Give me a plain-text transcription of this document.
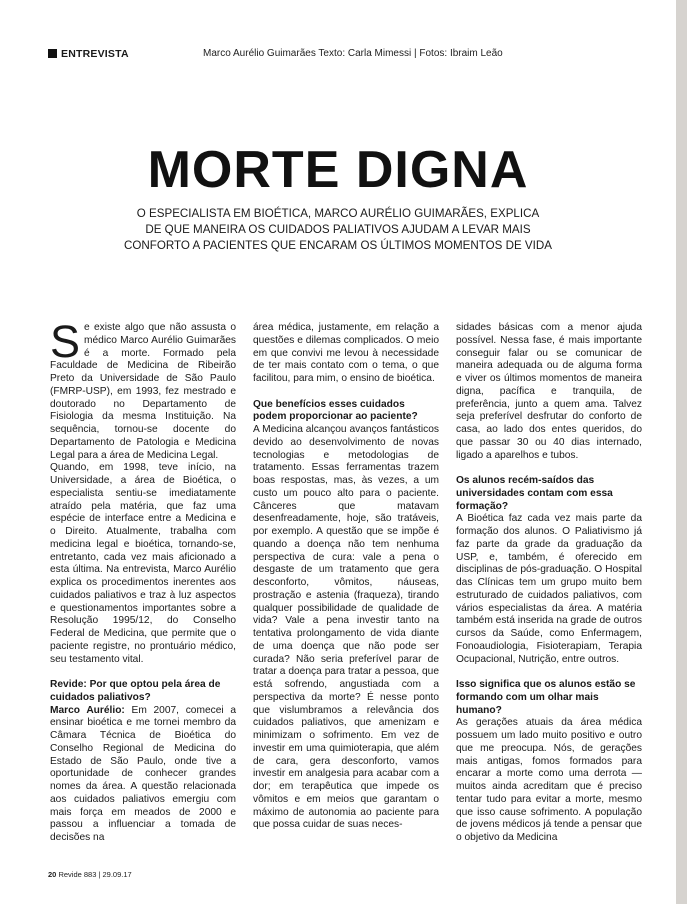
ENTREVISTA	Marco Aurélio Guimarães Texto: Carla Mimessi | Fotos: Ibraim Leão
MORTE DIGNA
O ESPECIALISTA EM BIOÉTICA, MARCO AURÉLIO GUIMARÃES, EXPLICA
DE QUE MANEIRA OS CUIDADOS PALIATIVOS AJUDAM A LEVAR MAIS
CONFORTO A PACIENTES QUE ENCARAM OS ÚLTIMOS MOMENTOS DE VIDA

Se existe algo que não assusta o médico Marco Aurélio Guimarães é a morte. Formado pela Faculdade de Medicina de Ribeirão Preto da Universidade de São Paulo (FMRP-USP), em 1993, fez mestrado e doutorado no Departamento de Fisiologia da mesma Instituição. Na sequência, tornou-se docente do Departamento de Patologia e Medicina Legal para a área de Medicina Legal.

Quando, em 1998, teve início, na Universidade, a área de Bioética, o especialista sentiu-se imediatamente atraído pela matéria, que faz uma espécie de interface entre a Medicina e o Direito. Atualmente, trabalha com medicina legal e bioética, tornando-se, entretanto, cada vez mais aficionado a esta última. Na entrevista, Marco Aurélio explica os procedimentos inerentes aos cuidados paliativos e traz à luz aspectos e questionamentos importantes sobre a Resolução 1995/12, do Conselho Federal de Medicina, que permite que o paciente registre, no prontuário médico, seu testamento vital.

Revide: Por que optou pela área de cuidados paliativos?

Marco Aurélio: Em 2007, comecei a ensinar bioética e me tornei membro da Câmara Técnica de Bioética do Conselho Regional de Medicina do Estado de São Paulo, onde tive a oportunidade de conhecer grandes nomes da área. A questão relacionada aos cuidados paliativos emergiu com mais força em meados de 2000 e passou a influenciar a tomada de decisões na

área médica, justamente, em relação a questões e dilemas complicados. O meio em que convivi me levou à necessidade de ter mais contato com o tema, o que facilitou, para mim, o ensino de bioética.

Que benefícios esses cuidados podem proporcionar ao paciente?

A Medicina alcançou avanços fantásticos devido ao desenvolvimento de novas tecnologias e metodologias de tratamento. Essas ferramentas trazem boas respostas, mas, às vezes, a um custo um pouco alto para o paciente. Cânceres que matavam desenfreadamente, hoje, são tratáveis, por exemplo. A questão que se impõe é quando a doença não tem nenhuma perspectiva de cura: vale a pena o desgaste de um tratamento que gera desconforto, vômitos, náuseas, prostração e astenia (fraqueza), tirando qualquer possibilidade de qualidade de vida? Vale a pena investir tanto na tentativa prolongamento de vida diante de uma doença que não pode ser curada? Não seria preferível parar de tratar a doença para tratar a pessoa, que está sofrendo, angustiada com a perspectiva da morte? É nesse ponto que vislumbramos a relevância dos cuidados paliativos, que amenizam e minimizam o sofrimento. Em vez de investir em uma quimioterapia, que além de cara, gera desconforto, vamos investir em analgesia para acabar com a dor; em terapêutica que impede os vômitos e em meios que garantam o máximo de autonomia ao paciente para que possa cuidar de suas neces-

sidades básicas com a menor ajuda possível. Nessa fase, é mais importante conseguir falar ou se comunicar de maneira adequada ou de alguma forma e viver os últimos momentos de maneira digna, pacífica e tranquila, de preferência, junto a quem ama. Talvez seja preferível desfrutar do conforto de casa, ao lado dos entes queridos, do que passar 30 ou 40 dias internado, ligado a aparelhos e tubos.

Os alunos recém-saídos das universidades contam com essa formação?

A Bioética faz cada vez mais parte da formação dos alunos. O Paliativismo já faz parte da grade da graduação da USP, e, também, é oferecido em disciplinas de pós-graduação. O Hospital das Clínicas tem um grupo muito bem estruturado de cuidados paliativos, com vários especialistas da área. A matéria também está inserida na grade de outros cursos da Saúde, como Enfermagem, Fonoaudiologia, Fisioterapiam, Terapia Ocupacional, Nutrição, entre outros.

Isso significa que os alunos estão se formando com um olhar mais humano?

As gerações atuais da área médica possuem um lado muito positivo e outro que me preocupa. Nós, de gerações mais antigas, fomos formados para encarar a morte como uma derrota — muitos ainda acreditam que é preciso tentar tudo para evitar a morte, mesmo que isso cause sofrimento. A população de jovens médicos já tende a pensar que o objetivo da Medicina

20 Revide 883 | 29.09.17
